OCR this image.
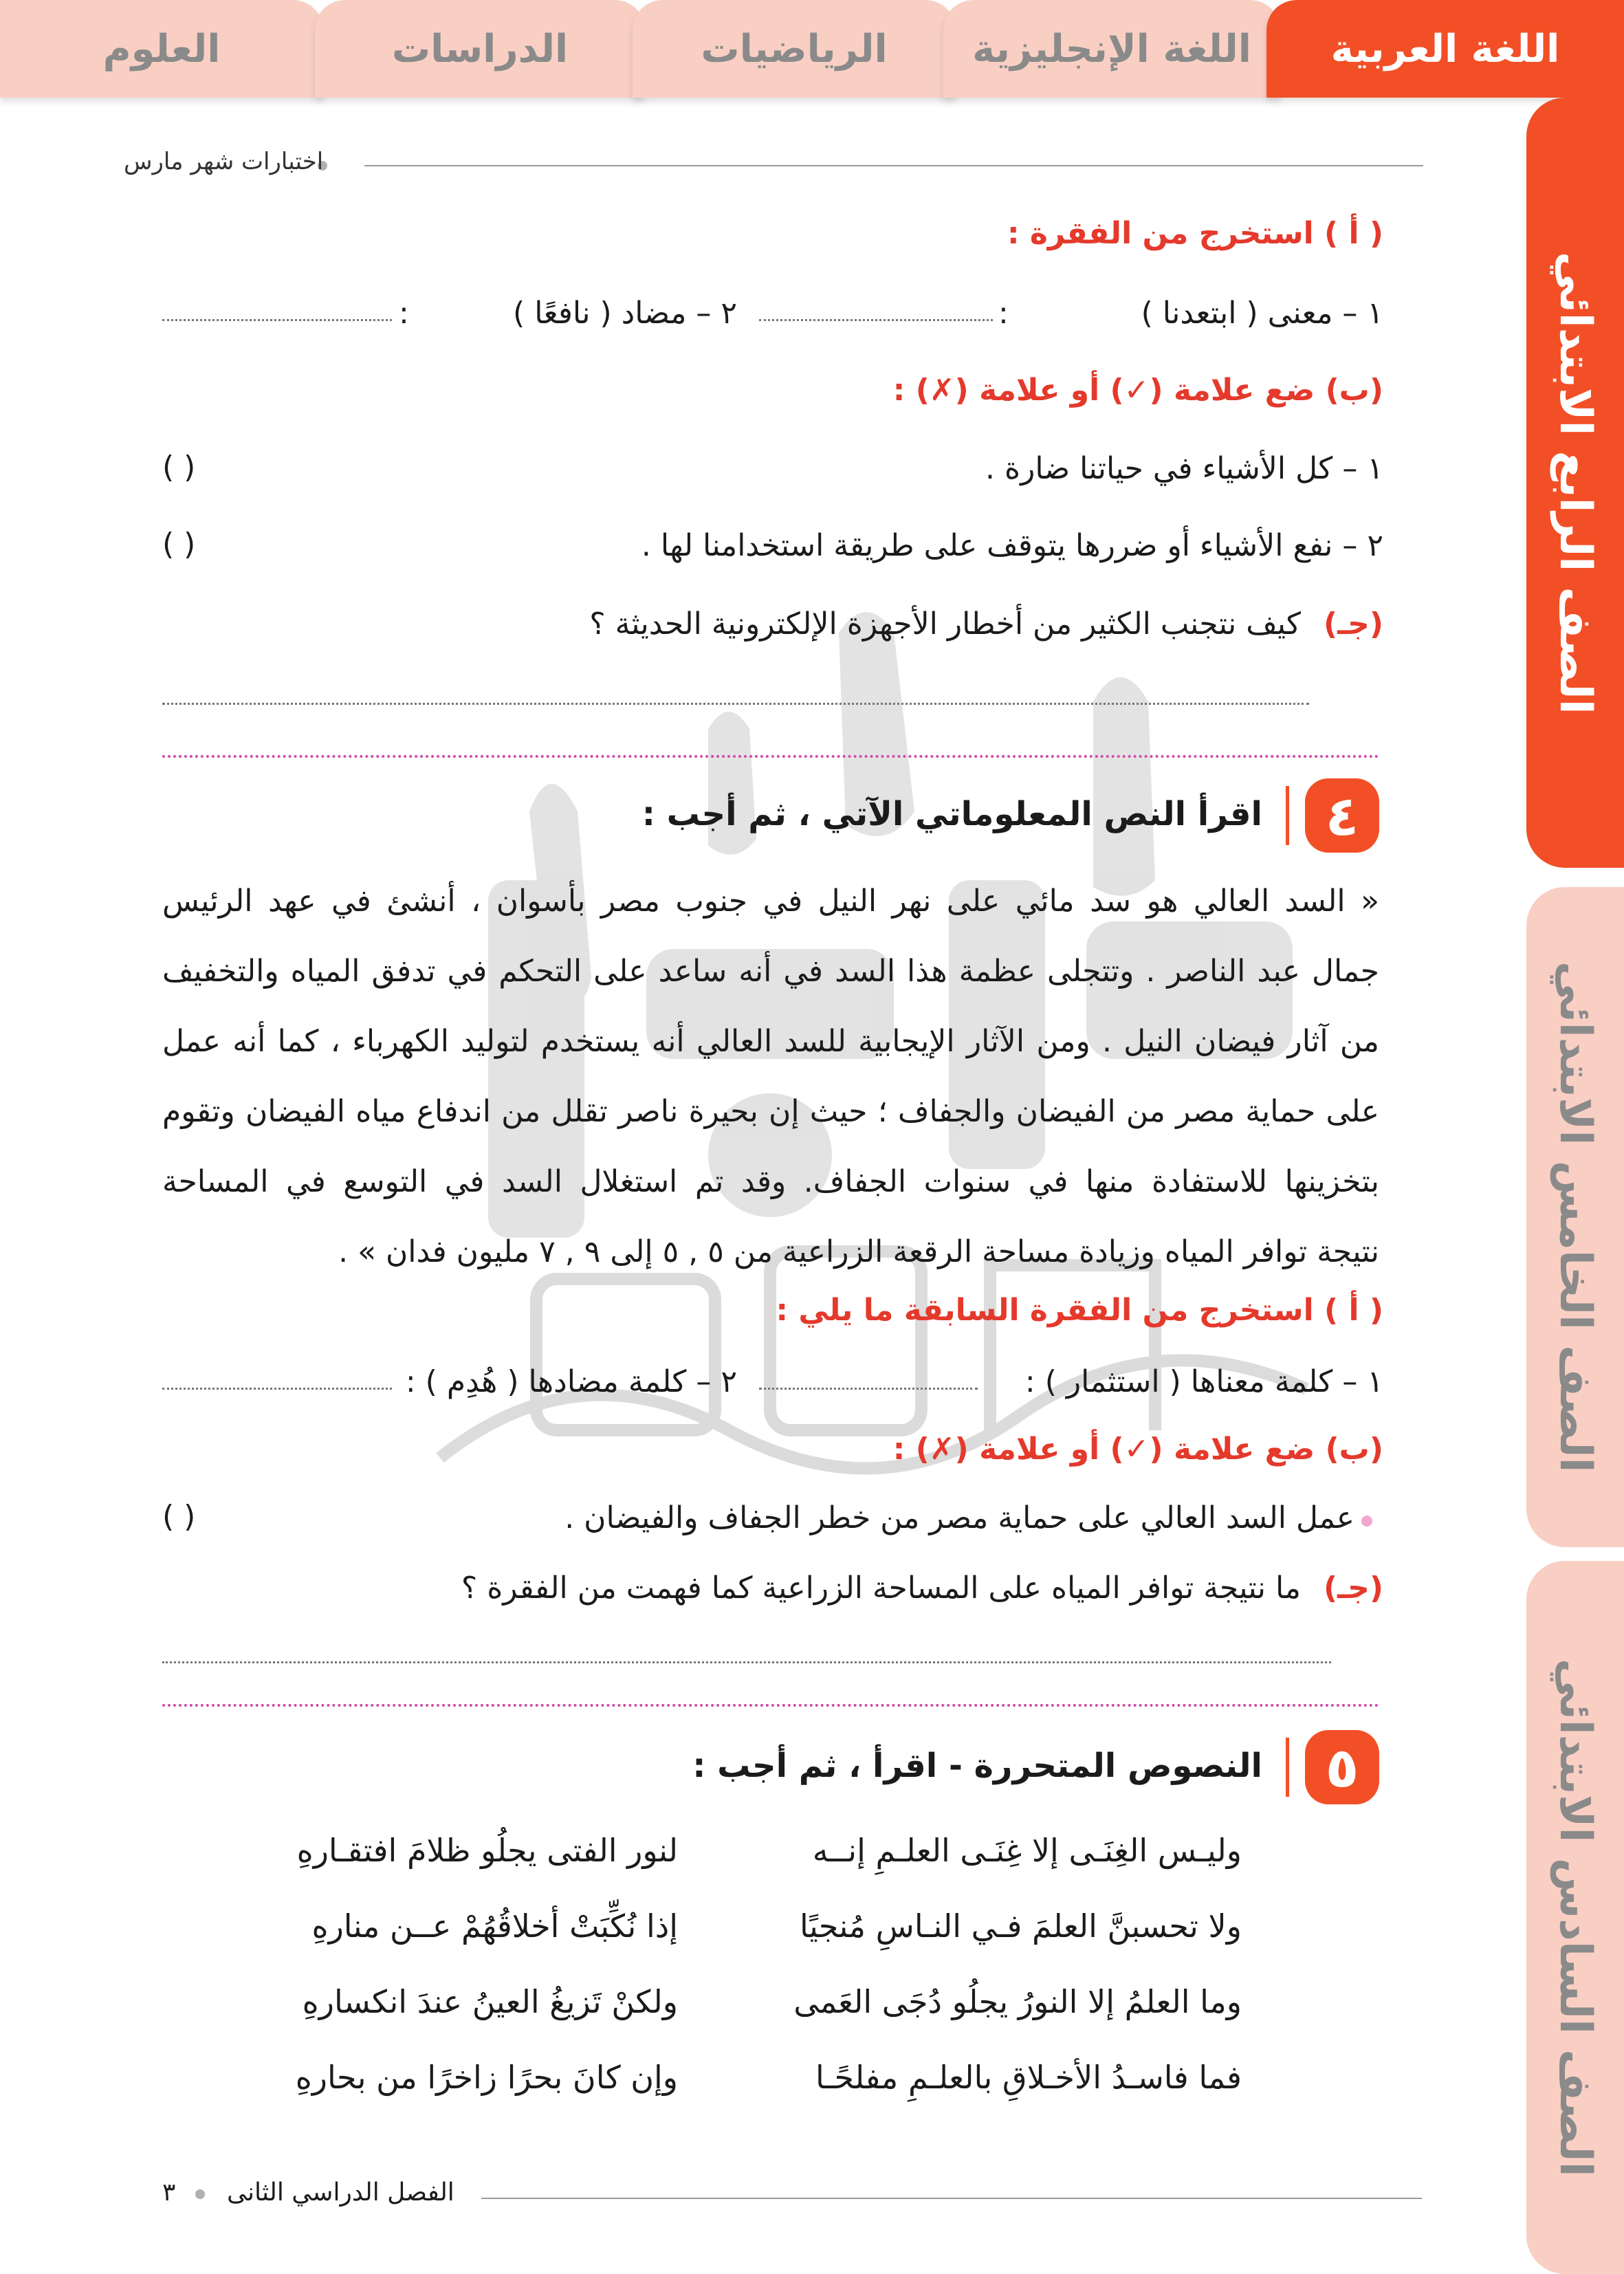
العلوم	الدراسات	الرياضيات اللغة الإنجليزية اللغة العربية
الصف الرابع الابتدائي
الصف الخامس الابتدائي
الصف السادس الابتدائي
اختبارات شهر مارس
( أ ) استخرج من الفقرة :
١ – معنى ( ابتعدنا )
:
٢ – مضاد ( نافعًا )
:
(ب) ضع علامة (✓) أو علامة (✗) :
١ – كل الأشياء في حياتنا ضارة .
( )
٢ – نفع الأشياء أو ضررها يتوقف على طريقة استخدامنا لها .
( )
(جـ)
كيف نتجنب الكثير من أخطار الأجهزة الإلكترونية الحديثة ؟
٤
اقرأ النص المعلوماتي الآتي ، ثم أجب :
« السد العالي هو سد مائي على نهر النيل في جنوب مصر بأسوان ، أنشئ في عهد الرئيس
جمال عبد الناصر . وتتجلى عظمة هذا السد في أنه ساعد على التحكم في تدفق المياه والتخفيف
من آثار فيضان النيل . ومن الآثار الإيجابية للسد العالي أنه يستخدم لتوليد الكهرباء ، كما أنه عمل
على حماية مصر من الفيضان والجفاف ؛ حيث إن بحيرة ناصر تقلل من اندفاع مياه الفيضان وتقوم
بتخزينها للاستفادة منها في سنوات الجفاف. وقد تم استغلال السد في التوسع في المساحة
نتيجة توافر المياه وزيادة مساحة الرقعة الزراعية من ٥ , ٥ إلى ٩ , ٧ مليون فدان » .
( أ ) استخرج من الفقرة السابقة ما يلي :
١ – كلمة معناها ( استثمار ) :
٢ – كلمة مضادها ( هُدِم ) :
(ب) ضع علامة (✓) أو علامة (✗) :
عمل السد العالي على حماية مصر من خطر الجفاف والفيضان .
( )
(جـ)
ما نتيجة توافر المياه على المساحة الزراعية كما فهمت من الفقرة ؟
٥
النصوص المتحررة - اقرأ ، ثم أجب :
وليـس الغِنَـى إلا غِنَـى العلـمِ إنــه
لنور الفتى يجلُو ظلامَ افتقـارهِ
ولا تحسبنَّ العلمَ فـي النـاسِ مُنجيًا
إذا نُكِّبَتْ أخلاقُهُمْ عــن منارهِ
وما العلمُ إلا النورُ يجلُو دُجَى العَمى
ولكنْ تَزيغُ العينُ عندَ انكسارهِ
فما فاسـدُ الأخـلاقِ بالعلـمِ مفلحًـا
وإن كانَ بحرًا زاخرًا من بحارهِ
الفصل الدراسي الثانى
٣
